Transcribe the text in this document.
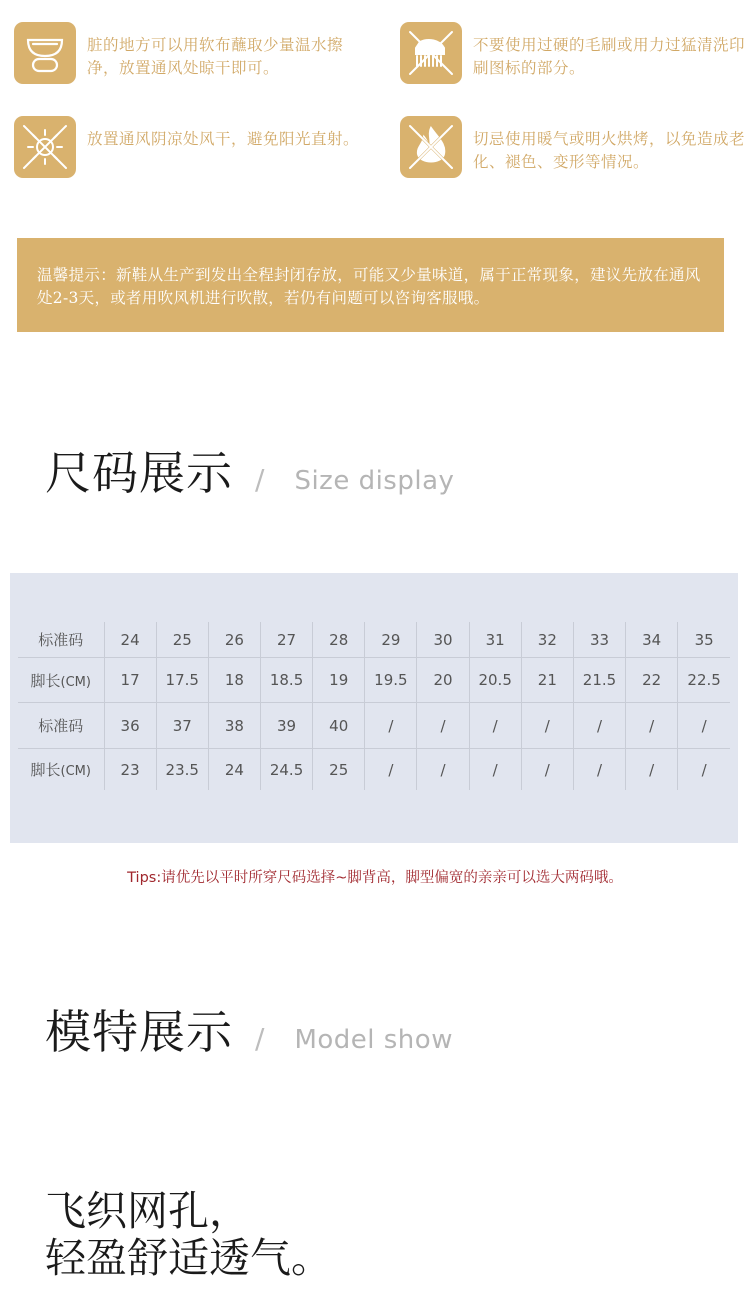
脏的地方可以用软布蘸取少量温水擦净，放置通风处晾干即可。
不要使用过硬的毛刷或用力过猛清洗印刷图标的部分。
放置通风阴凉处风干，避免阳光直射。	切忌使用暖气或明火烘烤，以免造成老化、褪色、变形等情况。
温馨提示：新鞋从生产到发出全程封闭存放，可能又少量味道，属于正常现象，建议先放在通风处2-3天，或者用吹风机进行吹散，若仍有问题可以咨询客服哦。
尺码展示 / Size display
标准码	24	25	26	27	28	29	30	31	32	33	34	35
脚长(CM)	17	17.5	18	18.5	19	19.5	20	20.5	21	21.5	22	22.5
标准码	36	37	38	39	40	/	/	/	/	/	/	/
脚长(CM)	23	23.5	24	24.5	25	/	/	/	/	/	/	/
Tips:请优先以平时所穿尺码选择~脚背高，脚型偏宽的亲亲可以选大两码哦。
模特展示 / Model show
飞织网孔，
轻盈舒适透气。
